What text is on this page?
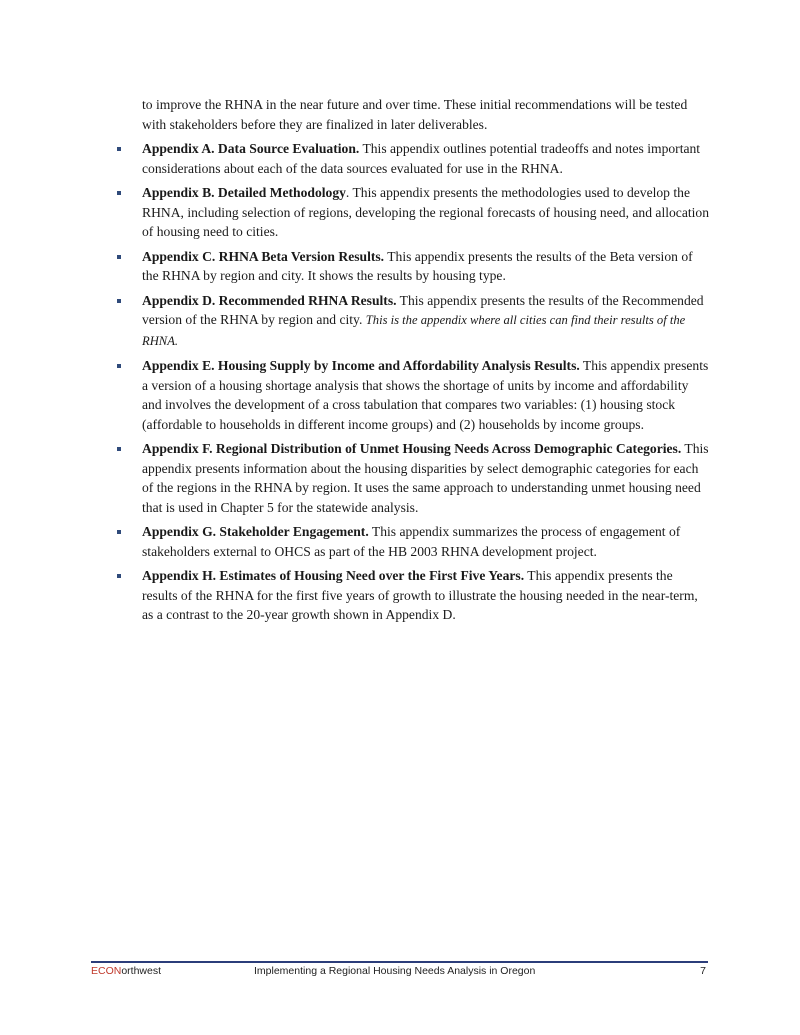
to improve the RHNA in the near future and over time. These initial recommendations will be tested with stakeholders before they are finalized in later deliverables.

Appendix A. Data Source Evaluation. This appendix outlines potential tradeoffs and notes important considerations about each of the data sources evaluated for use in the RHNA.
Appendix B. Detailed Methodology. This appendix presents the methodologies used to develop the RHNA, including selection of regions, developing the regional forecasts of housing need, and allocation of housing need to cities.
Appendix C. RHNA Beta Version Results. This appendix presents the results of the Beta version of the RHNA by region and city. It shows the results by housing type.
Appendix D. Recommended RHNA Results. This appendix presents the results of the Recommended version of the RHNA by region and city. This is the appendix where all cities can find their results of the RHNA.
Appendix E. Housing Supply by Income and Affordability Analysis Results. This appendix presents a version of a housing shortage analysis that shows the shortage of units by income and affordability and involves the development of a cross tabulation that compares two variables: (1) housing stock (affordable to households in different income groups) and (2) households by income groups.
Appendix F. Regional Distribution of Unmet Housing Needs Across Demographic Categories. This appendix presents information about the housing disparities by select demographic categories for each of the regions in the RHNA by region. It uses the same approach to understanding unmet housing need that is used in Chapter 5 for the statewide analysis.
Appendix G. Stakeholder Engagement. This appendix summarizes the process of engagement of stakeholders external to OHCS as part of the HB 2003 RHNA development project.
Appendix H. Estimates of Housing Need over the First Five Years. This appendix presents the results of the RHNA for the first five years of growth to illustrate the housing needed in the near-term, as a contrast to the 20-year growth shown in Appendix D.
ECONorthwest	Implementing a Regional Housing Needs Analysis in Oregon	7
